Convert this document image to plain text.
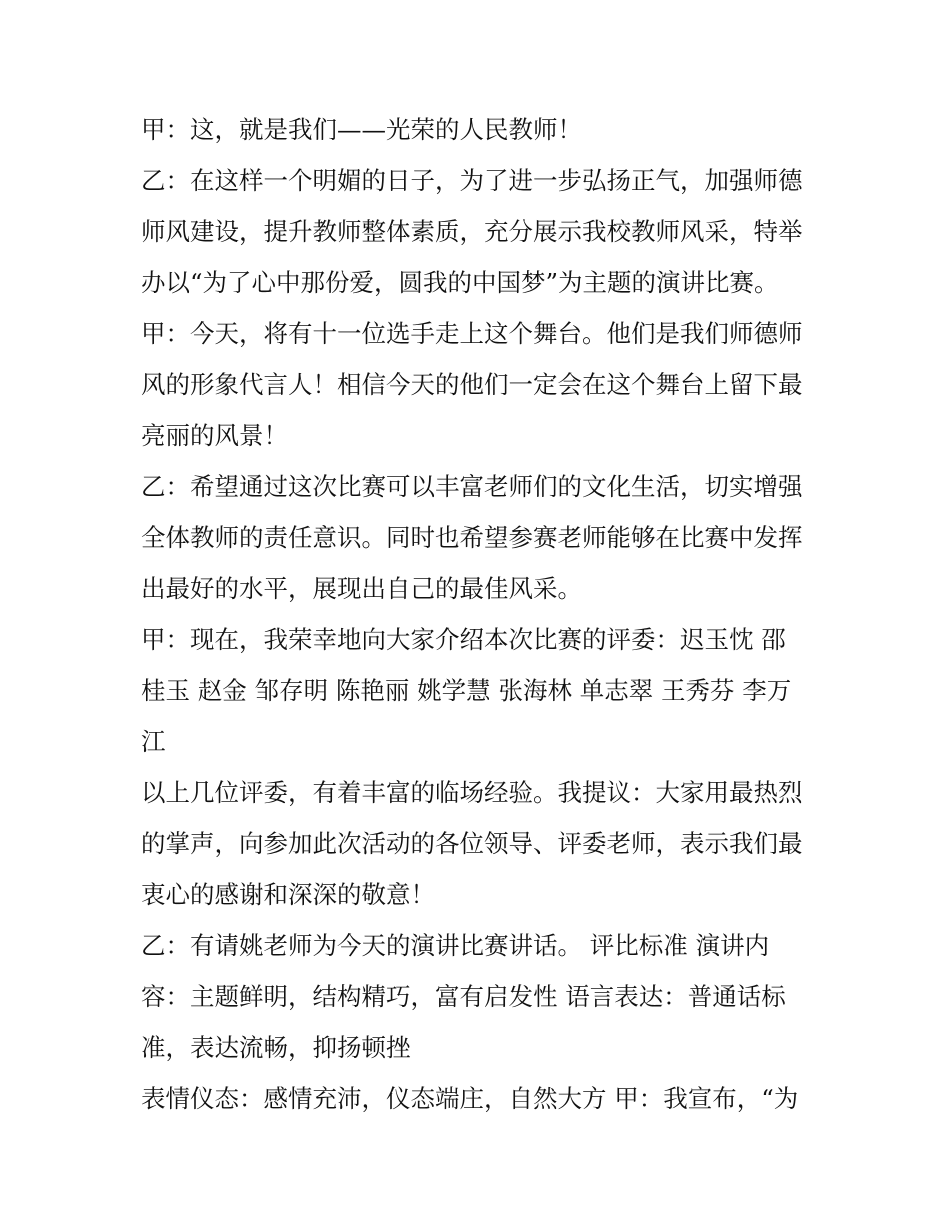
甲：这，就是我们——光荣的人民教师！
乙：在这样一个明媚的日子，为了进一步弘扬正气，加强师德
师风建设，提升教师整体素质，充分展示我校教师风采，特举
办以“为了心中那份爱，圆我的中国梦”为主题的演讲比赛。
甲：今天，将有十一位选手走上这个舞台。他们是我们师德师
风的形象代言人！相信今天的他们一定会在这个舞台上留下最
亮丽的风景！
乙：希望通过这次比赛可以丰富老师们的文化生活，切实增强
全体教师的责任意识。同时也希望参赛老师能够在比赛中发挥
出最好的水平，展现出自己的最佳风采。
甲：现在，我荣幸地向大家介绍本次比赛的评委：迟玉忱 邵
桂玉 赵金 邹存明 陈艳丽 姚学慧 张海林 单志翠 王秀芬 李万
江
以上几位评委，有着丰富的临场经验。我提议：大家用最热烈
的掌声，向参加此次活动的各位领导、评委老师，表示我们最
衷心的感谢和深深的敬意！
乙：有请姚老师为今天的演讲比赛讲话。 评比标准 演讲内
容：主题鲜明，结构精巧，富有启发性 语言表达：普通话标
准，表达流畅，抑扬顿挫
表情仪态：感情充沛，仪态端庄，自然大方 甲：我宣布，“为
